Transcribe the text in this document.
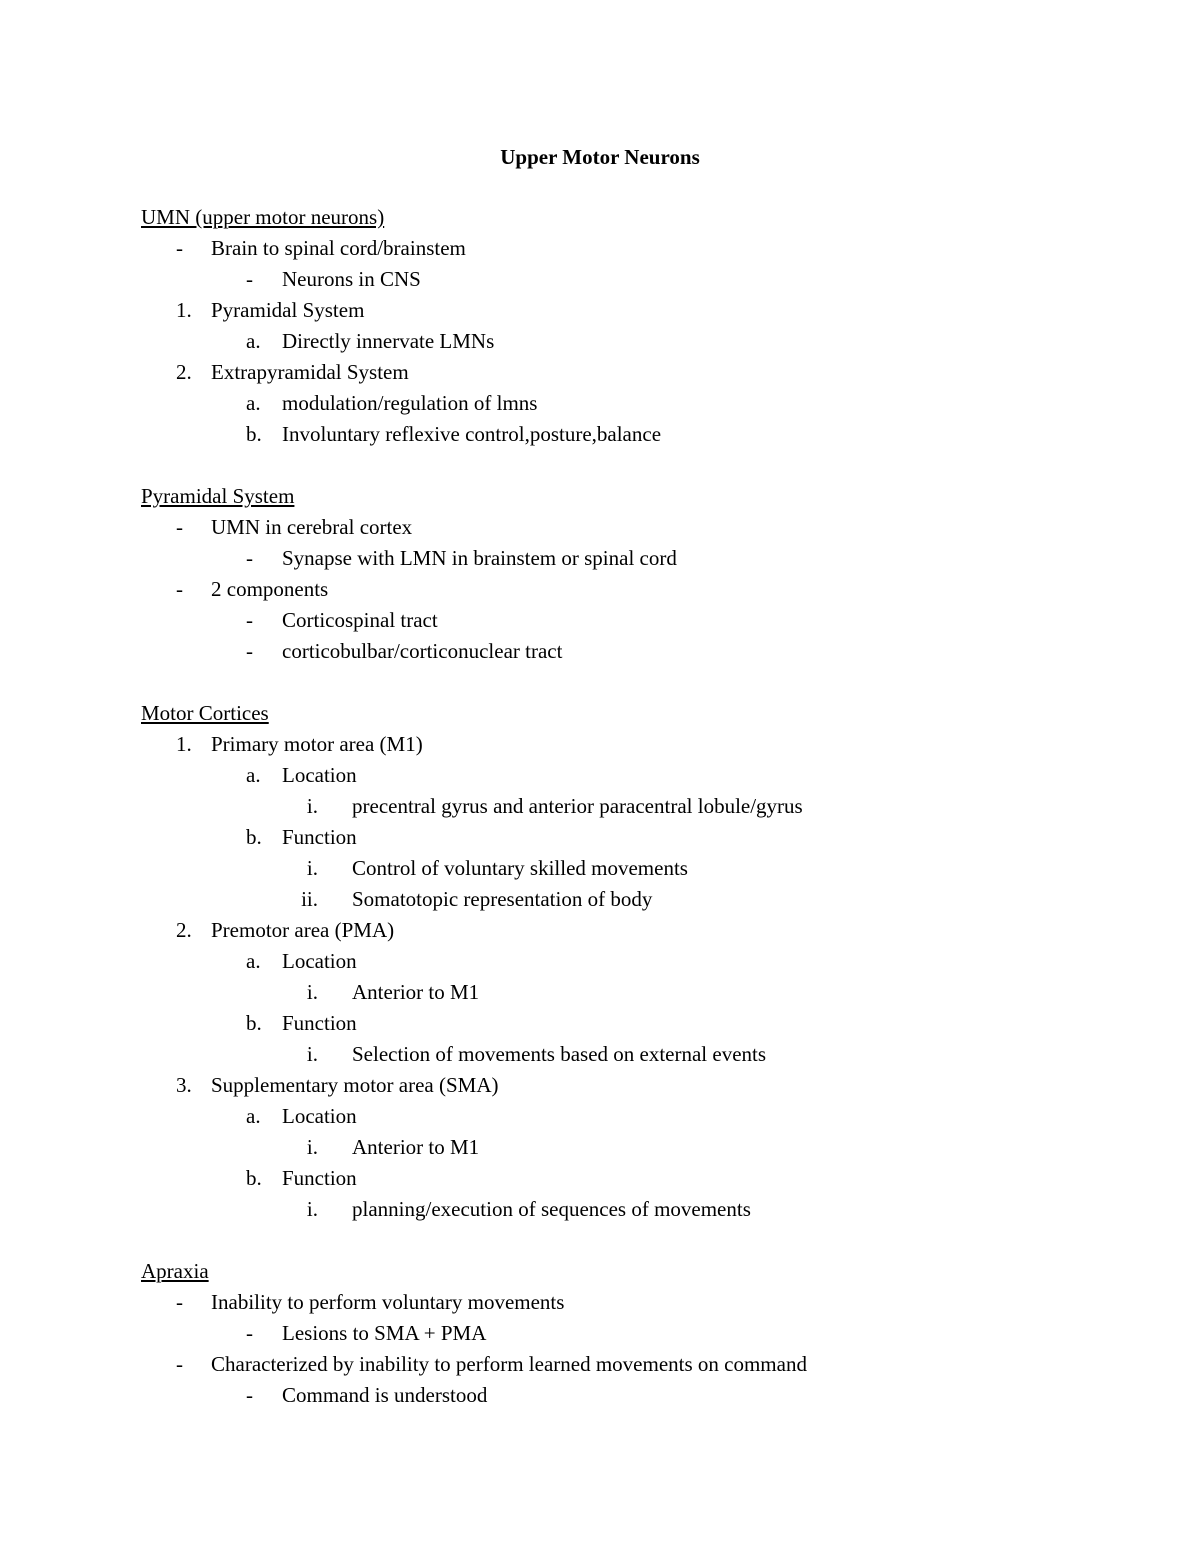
Upper Motor Neurons
UMN (upper motor neurons)
- Brain to spinal cord/brainstem
- Neurons in CNS
1. Pyramidal System
a. Directly innervate LMNs
2. Extrapyramidal System
a. modulation/regulation of lmns
b. Involuntary reflexive control,posture,balance
Pyramidal System
- UMN in cerebral cortex
- Synapse with LMN in brainstem or spinal cord
- 2 components
- Corticospinal tract
- corticobulbar/corticonuclear tract
Motor Cortices
1. Primary motor area (M1)
a. Location
i. precentral gyrus and anterior paracentral lobule/gyrus
b. Function
i. Control of voluntary skilled movements
ii. Somatotopic representation of body
2. Premotor area (PMA)
a. Location
i. Anterior to M1
b. Function
i. Selection of movements based on external events
3. Supplementary motor area (SMA)
a. Location
i. Anterior to M1
b. Function
i. planning/execution of sequences of movements
Apraxia
- Inability to perform voluntary movements
- Lesions to SMA + PMA
- Characterized by inability to perform learned movements on command
- Command is understood
